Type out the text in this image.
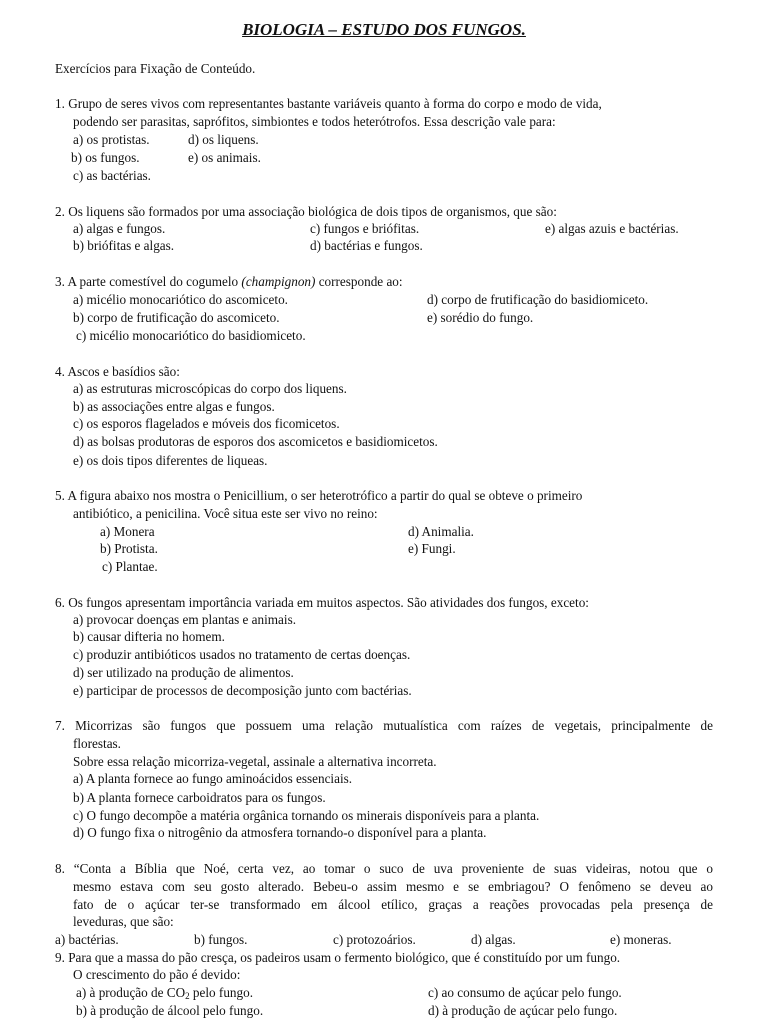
BIOLOGIA – ESTUDO DOS FUNGOS.
Exercícios para Fixação de Conteúdo.
1. Grupo de seres vivos com representantes bastante variáveis quanto à forma do corpo e modo de vida,
podendo ser parasitas, saprófitos, simbiontes e todos heterótrofos. Essa descrição vale para:
a) os protistas.	d) os liquens.
b) os fungos.	e) os animais.
c) as bactérias.
2. Os liquens são formados por uma associação biológica de dois tipos de organismos, que são:
a) algas e fungos.	c) fungos e briófitas.	e) algas azuis e bactérias.
b) briófitas e algas.	d) bactérias e fungos.
3. A parte comestível do cogumelo (champignon) corresponde ao:
a) micélio monocariótico do ascomiceto.	d) corpo de frutificação do basidiomiceto.
b) corpo de frutificação do ascomiceto.	e) sorédio do fungo.
c) micélio monocariótico do basidiomiceto.
4. Ascos e basídios são:
a) as estruturas microscópicas do corpo dos liquens.
b) as associações entre algas e fungos.
c) os esporos flagelados e móveis dos ficomicetos.
d) as bolsas produtoras de esporos dos ascomicetos e basidiomicetos.
e) os dois tipos diferentes de liqueas.
5. A figura abaixo nos mostra o Penicillium, o ser heterotrófico a partir do qual se obteve o primeiro
antibiótico, a penicilina. Você situa este ser vivo no reino:
a) Monera	d) Animalia.
b) Protista.	e) Fungi.
c) Plantae.
6. Os fungos apresentam importância variada em muitos aspectos. São atividades dos fungos, exceto:
a) provocar doenças em plantas e animais.
b) causar difteria no homem.
c) produzir antibióticos usados no tratamento de certas doenças.
d) ser utilizado na produção de alimentos.
e) participar de processos de decomposição junto com bactérias.
7. Micorrizas são fungos que possuem uma relação mutualística com raízes de vegetais, principalmente de
florestas.
Sobre essa relação micorriza-vegetal, assinale a alternativa incorreta.
a) A planta fornece ao fungo aminoácidos essenciais.
b) A planta fornece carboidratos para os fungos.
c) O fungo decompõe a matéria orgânica tornando os minerais disponíveis para a planta.
d) O fungo fixa o nitrogênio da atmosfera tornando-o disponível para a planta.
8. “Conta a Bíblia que Noé, certa vez, ao tomar o suco de uva proveniente de suas videiras, notou que o
mesmo estava com seu gosto alterado. Bebeu-o assim mesmo e se embriagou? O fenômeno se deveu ao
fato de o açúcar ter-se transformado em álcool etílico, graças a reações provocadas pela presença de
leveduras, que são:
a) bactérias.	b) fungos.	c) protozoários.	d) algas.	e) moneras.
9. Para que a massa do pão cresça, os padeiros usam o fermento biológico, que é constituído por um fungo.
O crescimento do pão é devido:
a) à produção de $CO_2$ pelo fungo.	c) ao consumo de açúcar pelo fungo.
b) à produção de álcool pelo fungo.	d) à produção de açúcar pelo fungo.
